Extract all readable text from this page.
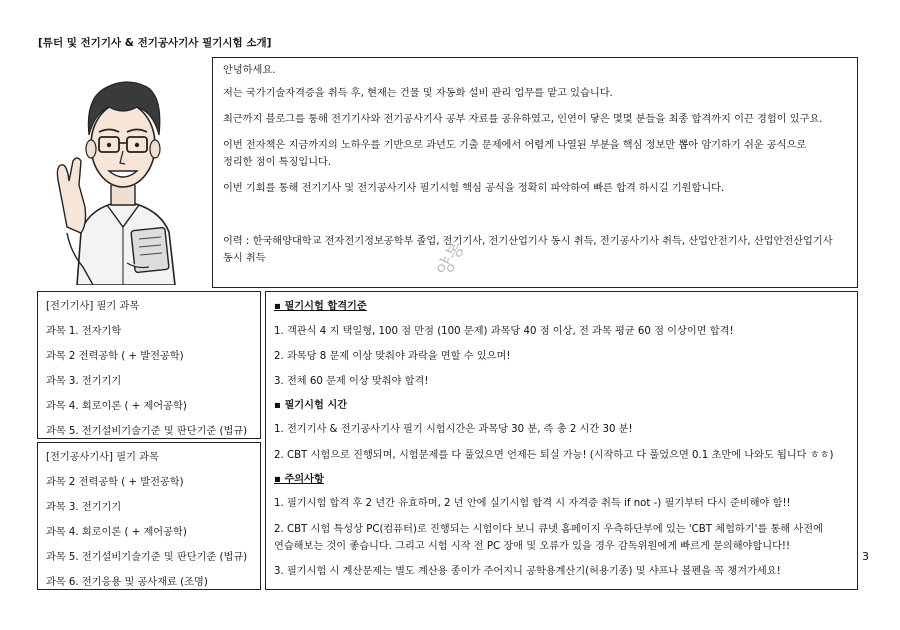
[튜터 및 전기기사 & 전기공사기사 필기시험 소개]

안녕하세요.

저는 국가기술자격증을 취득 후, 현재는 건물 및 자동화 설비 관리 업무를 맡고 있습니다.

최근까지 블로그를 통해 전기기사와 전기공사기사 공부 자료를 공유하였고, 인연이 닿은 몇몇 분들을 최종 합격까지 이끈 경험이 있구요.

이번 전자책은 지금까지의 노하우를 기반으로 과년도 기출 문제에서 어렵게 나열된 부분을 핵심 정보만 뽑아 암기하기 쉬운 공식으로

정리한 점이 특징입니다.

이번 기회를 통해 전기기사 및 전기공사기사 필기시험 핵심 공식을 정확히 파악하여 빠른 합격 하시길 기원합니다.

이력 : 한국해양대학교 전자전기정보공학부 졸업, 전기기사, 전기산업기사 동시 취득, 전기공사기사 취득, 산업안전기사, 산업안전산업기사

동시 취득	양봉
[전기기사] 필기 과목
과목 1. 전자기학
과목 2 전력공학 ( + 발전공학)
과목 3. 전기기기
과목 4. 회로이론 ( + 제어공학)
과목 5. 전기설비기술기준 및 판단기준 (법규)
[전기공사기사] 필기 과목
과목 2 전력공학 ( + 발전공학)
과목 3. 전기기기
과목 4. 회로이론 ( + 제어공학)
과목 5. 전기설비기술기준 및 판단기준 (법규)
과목 6. 전기응용 및 공사재료 (조명)
▪ 필기시험 합격기준
1. 객관식 4 지 택일형, 100 점 만점 (100 문제) 과목당 40 점 이상, 전 과목 평균 60 점 이상이면 합격!
2. 과목당 8 문제 이상 맞춰야 과락을 면할 수 있으며!
3. 전체 60 문제 이상 맞춰야 합격!
▪ 필기시험 시간
1. 전기기사 & 전기공사기사 필기 시험시간은 과목당 30 분, 즉 총 2 시간 30 분!
2. CBT 시험으로 진행되며, 시험문제를 다 풀었으면 언제든 퇴실 가능! (시작하고 다 풀었으면 0.1 초만에 나와도 됩니다 ㅎㅎ)
▪ 주의사항
1. 필기시험 합격 후 2 년간 유효하며, 2 년 안에 실기시험 합격 시 자격증 취득 if not -) 필기부터 다시 준비해야 함!!
2. CBT 시험 특성상 PC(컴퓨터)로 진행되는 시험이다 보니 큐넷 홈페이지 우측하단부에 있는 'CBT 체험하기'를 통해 사전에
연습해보는 것이 좋습니다. 그리고 시험 시작 전 PC 장애 및 오류가 있을 경우 감독위원에게 빠르게 문의해야합니다!!
3. 필기시험 시 계산문제는 별도 계산용 종이가 주어지니 공학용계산기(허용기종) 및 샤프나 볼펜을 꼭 챙겨가세요!
3
